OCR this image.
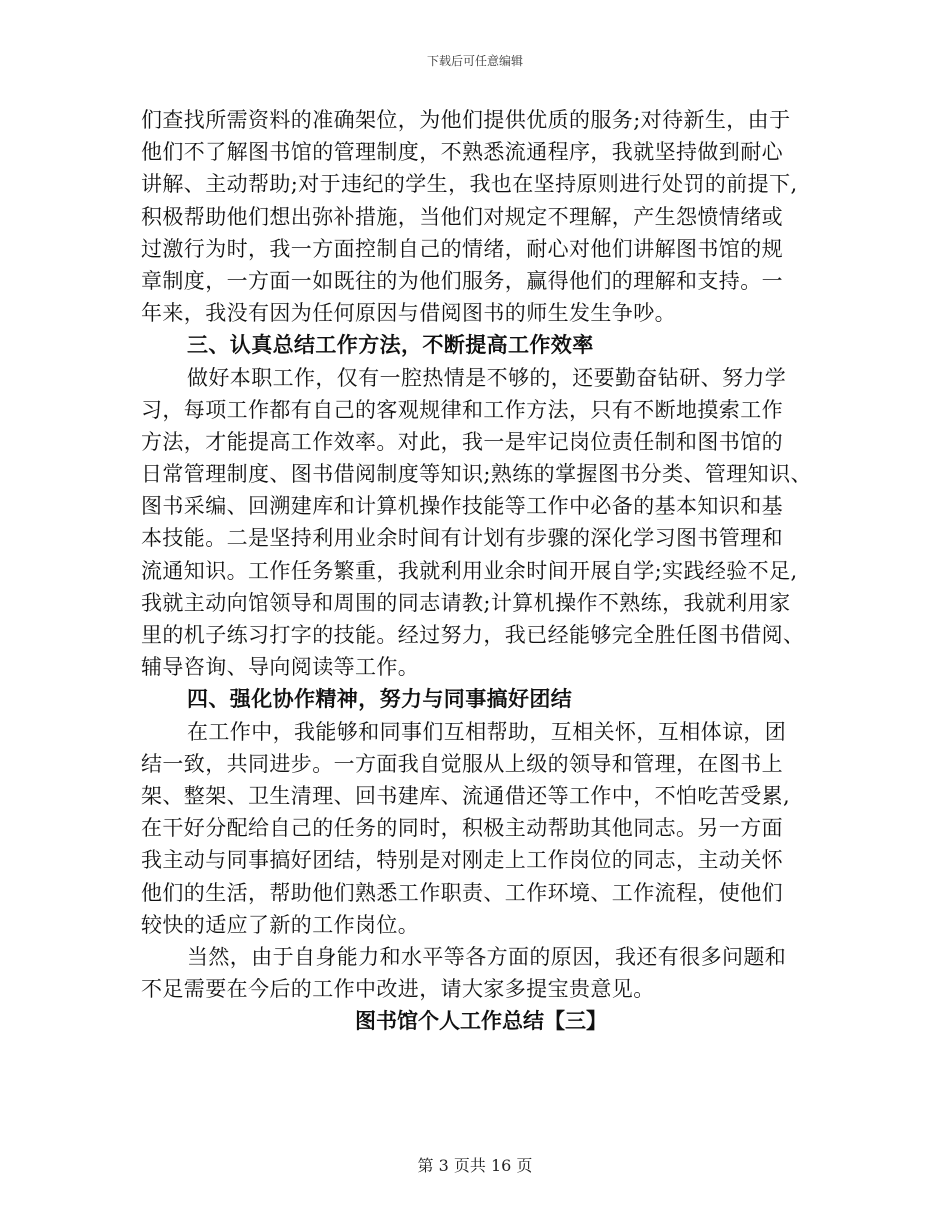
下载后可任意编辑
们查找所需资料的准确架位，为他们提供优质的服务;对待新生，由于
他们不了解图书馆的管理制度，不熟悉流通程序，我就坚持做到耐心
讲解、主动帮助;对于违纪的学生，我也在坚持原则进行处罚的前提下,
积极帮助他们想出弥补措施，当他们对规定不理解，产生怨愤情绪或
过激行为时，我一方面控制自己的情绪，耐心对他们讲解图书馆的规
章制度，一方面一如既往的为他们服务，赢得他们的理解和支持。一
年来，我没有因为任何原因与借阅图书的师生发生争吵。
三、认真总结工作方法，不断提高工作效率
做好本职工作，仅有一腔热情是不够的，还要勤奋钻研、努力学
习，每项工作都有自己的客观规律和工作方法，只有不断地摸索工作
方法，才能提高工作效率。对此，我一是牢记岗位责任制和图书馆的
日常管理制度、图书借阅制度等知识;熟练的掌握图书分类、管理知识、
图书采编、回溯建库和计算机操作技能等工作中必备的基本知识和基
本技能。二是坚持利用业余时间有计划有步骤的深化学习图书管理和
流通知识。工作任务繁重，我就利用业余时间开展自学;实践经验不足,
我就主动向馆领导和周围的同志请教;计算机操作不熟练，我就利用家
里的机子练习打字的技能。经过努力，我已经能够完全胜任图书借阅、
辅导咨询、导向阅读等工作。
四、强化协作精神，努力与同事搞好团结
在工作中，我能够和同事们互相帮助，互相关怀，互相体谅，团
结一致，共同进步。一方面我自觉服从上级的领导和管理，在图书上
架、整架、卫生清理、回书建库、流通借还等工作中，不怕吃苦受累,
在干好分配给自己的任务的同时，积极主动帮助其他同志。另一方面
我主动与同事搞好团结，特别是对刚走上工作岗位的同志，主动关怀
他们的生活，帮助他们熟悉工作职责、工作环境、工作流程，使他们
较快的适应了新的工作岗位。
当然，由于自身能力和水平等各方面的原因，我还有很多问题和
不足需要在今后的工作中改进，请大家多提宝贵意见。
图书馆个人工作总结【三】
第 3 页共 16 页
